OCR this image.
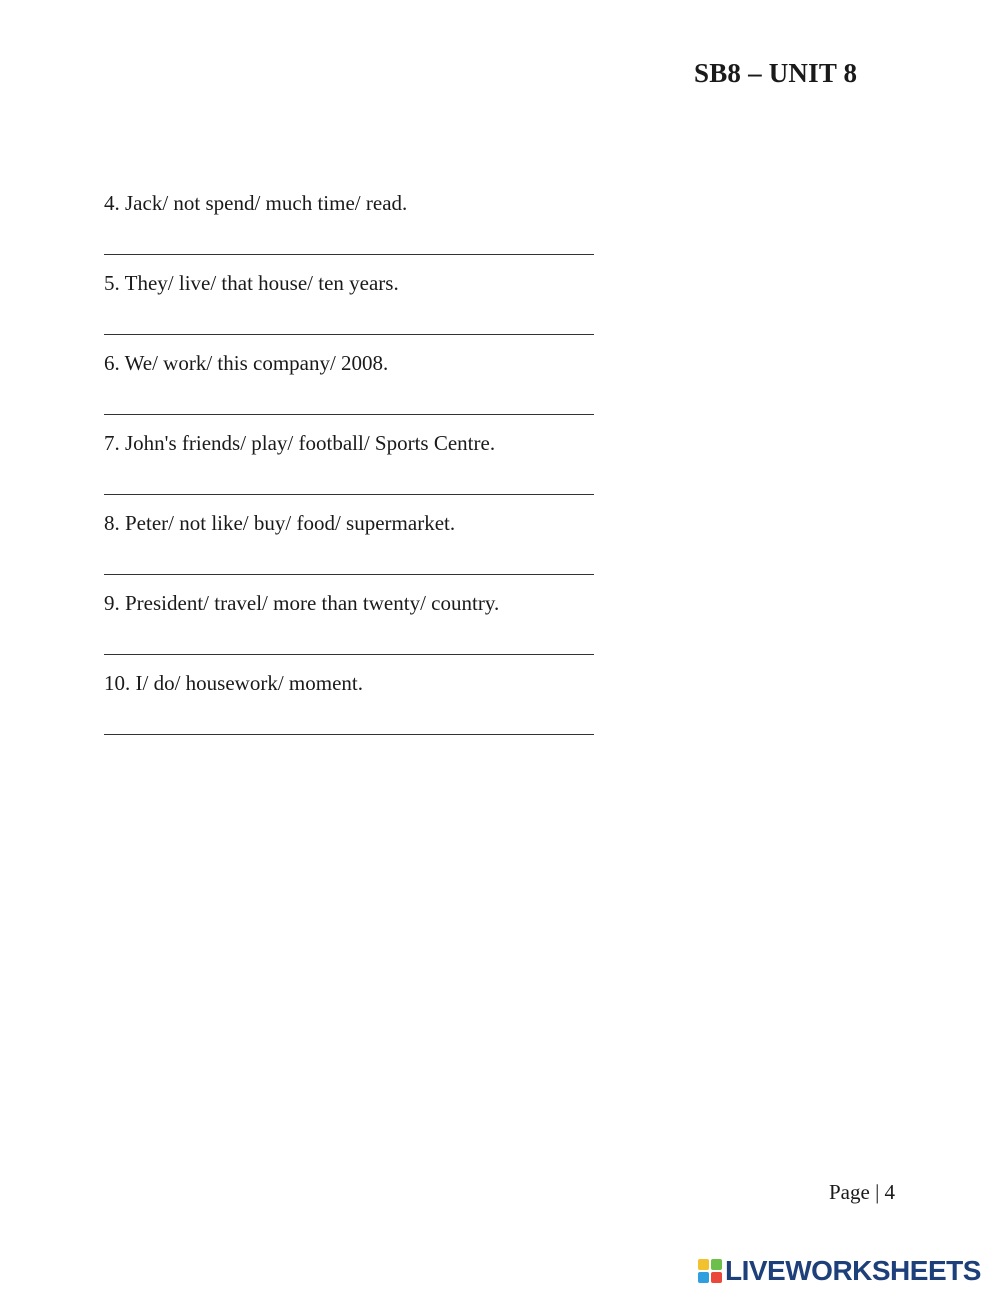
SB8 – UNIT 8
4. Jack/ not spend/ much time/ read.
5. They/ live/ that house/ ten years.
6. We/ work/ this company/ 2008.
7. John's friends/ play/ football/ Sports Centre.
8. Peter/ not like/ buy/ food/ supermarket.
9. President/ travel/ more than twenty/ country.
10. I/ do/ housework/ moment.
Page | 4
LIVEWORKSHEETS
